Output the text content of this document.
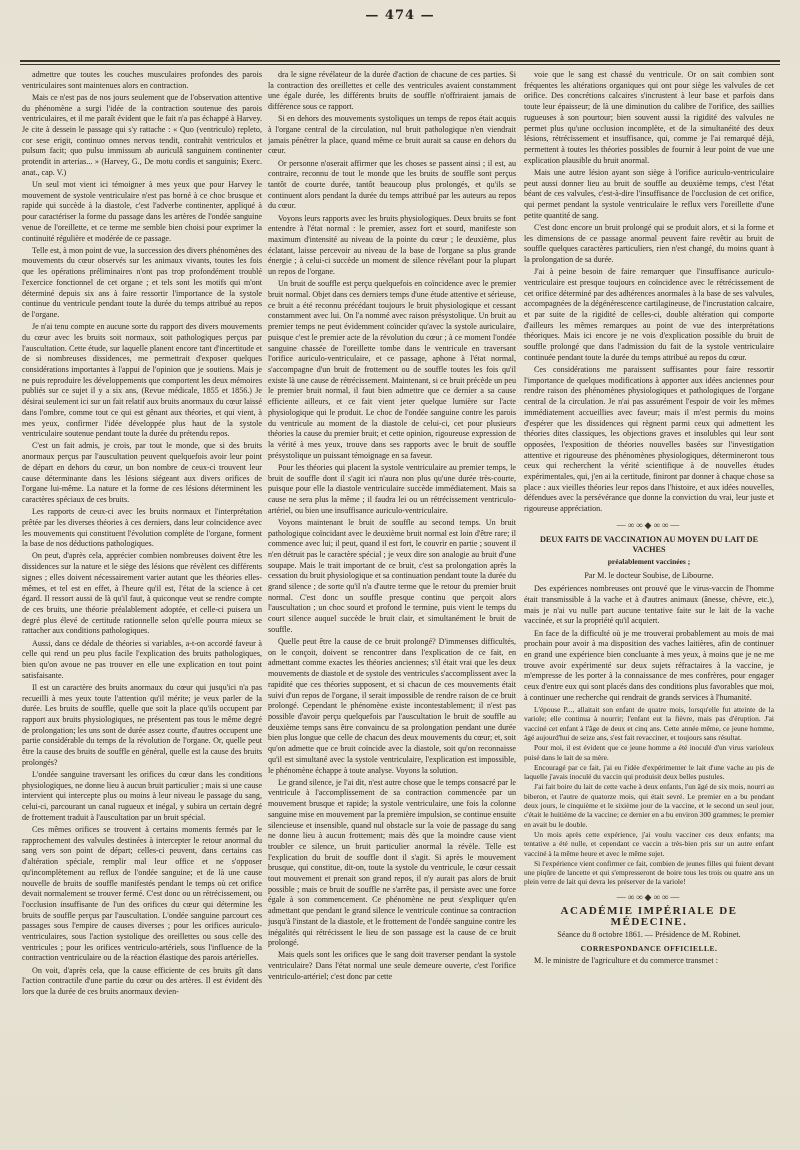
— 474 —

admettre que toutes les couches musculaires profondes des parois ventriculaires sont maintenues alors en contraction.

Mais ce n'est pas de nos jours seulement que de l'observation attentive du phénomène a surgi l'idée de la contraction soutenue des parois ventriculaires, et il me paraît évident que le fait n'a pas échappé à Harvey. Je cite à dessein le passage qui s'y rattache : « Quo (ventriculo) repleto, cor sese erigit, continuo omnes nervos tendit, contrahit ventriculos et pulsum facit; quo pulsu immissum ab auriculâ sanguinem continenter protendit in arterias... » (Harvey, G., De motu cordis et sanguinis; Exerc. anat., cap. V.)

Un seul mot vient ici témoigner à mes yeux que pour Harvey le mouvement de systole ventriculaire n'est pas borné à ce choc brusque et rapide qui succède à la diastole, c'est l'adverbe continenter, appliqué à pour caractériser la forme du passage dans les artères de l'ondée sanguine venue de l'oreillette, et ce terme me semble bien choisi pour exprimer la continuité régulière et modérée de ce passage.

Telle est, à mon point de vue, la succession des divers phénomènes des mouvements du cœur observés sur les animaux vivants, toutes les fois que les opérations préliminaires n'ont pas trop profondément troublé l'exercice fonctionnel de cet organe ; et tels sont les motifs qui m'ont déterminé depuis six ans à faire ressortir l'importance de la systole continue du ventricule pendant toute la durée du temps attribué au repos de l'organe.

Je n'ai tenu compte en aucune sorte du rapport des divers mouvements du cœur avec les bruits soit normaux, soit pathologiques perçus par l'auscultation. Cette étude, sur laquelle planent encore tant d'incertitude et de si nombreuses dissidences, me permettrait d'exposer quelques considérations importantes à l'appui de l'opinion que je soutiens. Mais je ne puis reproduire les développements que comportent les deux mémoires publiés sur ce sujet il y a six ans, (Revue médicale, 1855 et 1856.) Je désirai seulement ici sur un fait relatif aux bruits anormaux du cœur laissé dans l'ombre, comme tout ce qui est gênant aux théories, et qui vient, à mes yeux, confirmer l'idée développée plus haut de la systole ventriculaire soutenue pendant toute la durée du prétendu repos.

C'est un fait admis, je crois, par tout le monde, que si des bruits anormaux perçus par l'auscultation peuvent quelquefois avoir leur point de départ en dehors du cœur, un bon nombre de ceux-ci trouvent leur cause déterminante dans les lésions siégeant aux divers orifices de l'organe lui-même. La nature et la forme de ces lésions déterminent les caractères spéciaux de ces bruits.

Les rapports de ceux-ci avec les bruits normaux et l'interprétation prêtée par les diverses théories à ces derniers, dans leur coïncidence avec les mouvements qui constituent l'évolution complète de l'organe, forment la base de nos déductions pathologiques.

On peut, d'après cela, apprécier combien nombreuses doivent être les dissidences sur la nature et le siège des lésions que révèlent ces différents signes ; elles doivent nécessairement varier autant que les théories elles-mêmes, et tel est en effet, à l'heure qu'il est, l'état de la science à cet égard. Il ressort aussi de là qu'il faut, à quiconque veut se rendre compte de ces bruits, une théorie préalablement adoptée, et celle-ci puisera un degré plus élevé de certitude rationnelle selon qu'elle pourra mieux se rattacher aux conditions pathologiques.

Aussi, dans ce dédale de théories si variables, a-t-on accordé faveur à celle qui rend un peu plus facile l'explication des bruits pathologiques, bien qu'on avoue ne pas trouver en elle une explication en tout point satisfaisante.

Il est un caractère des bruits anormaux du cœur qui jusqu'ici n'a pas recueilli à mes yeux toute l'attention qu'il mérite; je veux parler de la durée. Les bruits de souffle, quelle que soit la place qu'ils occupent par rapport aux bruits physiologiques, ne présentent pas tous le même degré de prolongation; les uns sont de durée assez courte, d'autres occupent une partie considérable du temps de la révolution de l'organe. Or, quelle peut être la cause des bruits de souffle en général, quelle est la cause des bruits prolongés?

L'ondée sanguine traversant les orifices du cœur dans les conditions physiologiques, ne donne lieu à aucun bruit particulier ; mais si une cause intervient qui intercepte plus ou moins à leur niveau le passage du sang, celui-ci, parcourant un canal rugueux et inégal, y subira un certain degré de frottement traduit à l'auscultation par un bruit spécial.

Ces mêmes orifices se trouvent à certains moments fermés par le rapprochement des valvules destinées à intercepter le retour anormal du sang vers son point de départ; celles-ci peuvent, dans certains cas d'altération spéciale, remplir mal leur office et ne s'opposer qu'incomplètement au reflux de l'ondée sanguine; et de là une cause nouvelle de bruits de souffle manifestés pendant le temps où cet orifice devait normalement se trouver fermé. C'est donc ou un rétrécissement, ou l'occlusion insuffisante de l'un des orifices du cœur qui détermine les bruits de souffle perçus par l'auscultation. L'ondée sanguine parcourt ces passages sous l'empire de causes diverses ; pour les orifices auriculo-ventriculaires, sous l'action systolique des oreillettes ou sous celle des ventricules ; pour les orifices ventriculo-artériels, sous l'influence de la contraction ventriculaire ou de la réaction élastique des parois artérielles.

On voit, d'après cela, que la cause efficiente de ces bruits gît dans l'action contractile d'une partie du cœur ou des artères. Il est évident dès lors que la durée de ces bruits anormaux devien-

dra le signe révélateur de la durée d'action de chacune de ces parties. Si la contraction des oreillettes et celle des ventricules avaient constamment une égale durée, les différents bruits de souffle n'offriraient jamais de différence sous ce rapport.

Si en dehors des mouvements systoliques un temps de repos était acquis à l'organe central de la circulation, nul bruit pathologique n'en viendrait jamais pénétrer la place, quand même ce bruit aurait sa cause en dehors du cœur.

Or personne n'oserait affirmer que les choses se passent ainsi ; il est, au contraire, reconnu de tout le monde que les bruits de souffle sont perçus tantôt de courte durée, tantôt beaucoup plus prolongés, et qu'ils se continuent alors pendant la durée du temps attribué par les auteurs au repos du cœur.

Voyons leurs rapports avec les bruits physiologiques. Deux bruits se font entendre à l'état normal : le premier, assez fort et sourd, manifeste son maximum d'intensité au niveau de la pointe du cœur ; le deuxième, plus éclatant, laisse percevoir au niveau de la base de l'organe sa plus grande énergie ; à celui-ci succède un moment de silence révélant pour la plupart un repos de l'organe.

Un bruit de souffle est perçu quelquefois en coïncidence avec le premier bruit normal. Objet dans ces derniers temps d'une étude attentive et sérieuse, ce bruit a été reconnu précédant toujours le bruit physiologique et cessant constamment avec lui. On l'a nommé avec raison présystolique. Un bruit au premier temps ne peut évidemment coïncider qu'avec la systole auriculaire, puisque c'est le premier acte de la révolution du cœur ; à ce moment l'ondée sanguine chassée de l'oreillette tombe dans le ventricule en traversant l'orifice auriculo-ventriculaire, et ce passage, aphone à l'état normal, s'accompagne d'un bruit de frottement ou de souffle toutes les fois qu'il existe là une cause de rétrécissement. Maintenant, si ce bruit précède un peu le premier bruit normal, il faut bien admettre que ce dernier a sa cause efficiente ailleurs, et ce fait vient jeter quelque lumière sur l'acte physiologique qui le produit. Le choc de l'ondée sanguine contre les parois du ventricule au moment de la diastole de celui-ci, cet pour plusieurs théories la cause du premier bruit; et cette opinion, rigoureuse expression de la vérité à mes yeux, trouve dans ses rapports avec le bruit de souffle présystolique un puissant témoignage en sa faveur.

Pour les théories qui placent la systole ventriculaire au premier temps, le bruit de souffle dont il s'agit ici n'aura non plus qu'une durée très-courte, puisque pour elle la diastole ventriculaire succède immédiatement. Mais sa cause ne sera plus la même ; il faudra lei ou un rétrécissement ventriculo-artériel, ou bien une insuffisance auriculo-ventriculaire.

Voyons maintenant le bruit de souffle au second temps. Un bruit pathologique coïncidant avec le deuxième bruit normal est loin d'être rare; il commence avec lui; il peut, quand il est fort, le couvrir en partie ; souvent il n'en détruit pas le caractère spécial ; je veux dire son analogie au bruit d'une soupape. Mais le trait important de ce bruit, c'est sa prolongation après la cessation du bruit physiologique et sa continuation pendant toute la durée du grand silence ; de sorte qu'il n'a d'autre terme que le retour du premier bruit normal. C'est donc un souffle presque continu que perçoit alors l'auscultation ; un choc sourd et profond le termine, puis vient le temps du court silence auquel succède le bruit clair, et simultanément le bruit de souffle.

Quelle peut être la cause de ce bruit prolongé? D'immenses difficultés, on le conçoit, doivent se rencontrer dans l'explication de ce fait, en admettant comme exactes les théories anciennes; s'il était vrai que les deux mouvements de diastole et de systole des ventricules s'accomplissent avec la rapidité que ces théories supposent, et si chacun de ces mouvements était suivi d'un repos de l'organe, il serait impossible de rendre raison de ce bruit prolongé. Cependant le phénomène existe incontestablement; il n'est pas possible d'avoir perçu quelquefois par l'auscultation le bruit de souffle au deuxième temps sans être convaincu de sa prolongation pendant une durée bien plus longue que celle de chacun des deux mouvements du cœur; et, soit qu'on admette que ce bruit coïncide avec la diastole, soit qu'on reconnaisse qu'il est simultané avec la systole ventriculaire, l'explication est impossible, le phénomène échappe à toute analyse. Voyons la solution.

Le grand silence, je l'ai dit, n'est autre chose que le temps consacré par le ventricule à l'accomplissement de sa contraction commencée par un mouvement brusque et rapide; la systole ventriculaire, une fois la colonne sanguine mise en mouvement par la première impulsion, se continue ensuite silencieuse et insensible, quand nul obstacle sur la voie de passage du sang ne donne lieu à aucun frottement; mais dès que la moindre cause vient troubler ce silence, un bruit particulier anormal la révèle. Telle est l'explication du bruit de souffle dont il s'agit. Si après le mouvement brusque, qui constitue, dit-on, toute la systole du ventricule, le cœur cessait tout mouvement et prenait son grand repos, il n'y aurait pas alors de bruit possible ; mais ce bruit de souffle ne s'arrête pas, il persiste avec une force égale à son commencement. Ce phénomène ne peut s'expliquer qu'en admettant que pendant le grand silence le ventricule continue sa contraction jusqu'à l'instant de la diastole, et le frottement de l'ondée sanguine contre les inégalités qui rétrécissent le lieu de son passage est la cause de ce bruit prolongé.

Mais quels sont les orifices que le sang doit traverser pendant la systole ventriculaire? Dans l'état normal une seule demeure ouverte, c'est l'orifice ventriculo-artériel; c'est donc par cette

voie que le sang est chassé du ventricule. Or on sait combien sont fréquentes les altérations organiques qui ont pour siège les valvules de cet orifice. Des concrétions calcaires s'incrustent à leur base et parfois dans toute leur épaisseur; de là une diminution du calibre de l'orifice, des saillies rugueuses à son pourtour; bien souvent aussi la rigidité des valvules ne permet plus qu'une occlusion incomplète, et de la simultanéité des deux lésions, rétrécissement et insuffisance, qui, comme je l'ai remarqué déjà, permettent à toutes les théories possibles de fournir à leur point de vue une explication plausible du bruit anormal.

Mais une autre lésion ayant son siège à l'orifice auriculo-ventriculaire peut aussi donner lieu au bruit de souffle au deuxième temps, c'est l'état béant de ces valvules, c'est-à-dire l'insuffisance de l'occlusion de cet orifice, qui permet pendant la systole ventriculaire le reflux vers l'oreillette d'une petite quantité de sang.

C'est donc encore un bruit prolongé qui se produit alors, et si la forme et les dimensions de ce passage anormal peuvent faire revêtir au bruit de souffle quelques caractères particuliers, rien n'est changé, du moins quant à la prolongation de sa durée.

J'ai à peine besoin de faire remarquer que l'insuffisance auriculo-ventriculaire est presque toujours en coïncidence avec le rétrécissement de cet orifice déterminé par des adhérences anormales à la base de ses valvules, accompagnées de la dégénérescence cartilagineuse, de l'incrustation calcaire, et par suite de la rigidité de celles-ci, double altération qui comporte d'ailleurs les mêmes remarques au point de vue des interprétations théoriques. Mais ici encore je ne vois d'explication possible du bruit de souffle prolongé que dans l'admission du fait de la systole ventriculaire continuée pendant toute la durée du temps attribué au repos du cœur.

Ces considérations me paraissent suffisantes pour faire ressortir l'importance de quelques modifications à apporter aux idées anciennes pour rendre raison des phénomènes physiologiques et pathologiques de l'organe central de la circulation. Je n'ai pas assurément l'espoir de voir les mêmes immédiatement accueillies avec faveur; mais il m'est permis du moins d'espérer que les dissidences qui règnent parmi ceux qui admettent les théories dites classiques, les objections graves et insolubles qui leur sont opposées, l'exposition de théories nouvelles basées sur l'investigation attentive et rigoureuse des phénomènes physiologiques, détermineront tous ceux qui recherchent la vérité scientifique à de nouvelles études expérimentales, qui, j'en ai la certitude, finiront par donner à chaque chose sa place : aux vieilles théories leur repos dans l'histoire, et aux idées nouvelles, défendues avec la persévérance que donne la conviction du vrai, leur juste et rigoureuse appréciation.

—∞∞◆∞∞—
DEUX FAITS DE VACCINATION AU MOYEN DU LAIT DE VACHES
préalablement vaccinées ;
Par M. le docteur Soubise, de Libourne.

Des expériences nombreuses ont prouvé que le virus-vaccin de l'homme était transmissible à la vache et à d'autres animaux (ânesse, chèvre, etc.), mais je n'ai vu nulle part aucune tentative faite sur le lait de la vache vaccinée, et sur la propriété qu'il acquiert.

En face de la difficulté où je me trouverai probablement au mois de mai prochain pour avoir à ma disposition des vaches laitières, afin de continuer en grand une expérience bien concluante à mes yeux, à moins que je ne me trouve avoir expérimenté sur deux sujets réfractaires à la vaccine, je m'empresse de les porter à la connaissance de mes confrères, pour engager ceux d'entre eux qui sont placés dans des conditions plus favorables que moi, à continuer une recherche qui rendrait de grands services à l'humanité.

L'épouse P..., allaitait son enfant de quatre mois, lorsqu'elle fut atteinte de la variole; elle continua à nourrir; l'enfant eut la fièvre, mais pas d'éruption. J'ai vacciné cet enfant à l'âge de deux et cinq ans. Cette année même, ce jeune homme, âgé aujourd'hui de seize ans, s'est fait revacciner, et toujours sans résultat.

Pour moi, il est évident que ce jeune homme a été inoculé d'un virus varioleux puisé dans le lait de sa mère.

Encouragé par ce fait, j'ai eu l'idée d'expérimenter le lait d'une vache au pis de laquelle j'avais inoculé du vaccin qui produisit deux belles pustules.

J'ai fait boire du lait de cette vache à deux enfants, l'un âgé de six mois, nourri au biberon, et l'autre de quatorze mois, qui était sevré. Le premier en a bu pendant deux jours, le cinquième et le sixième jour de la vaccine, et le second un seul jour, c'était le huitième de la vaccine; ce dernier en a bu environ 300 grammes; le premier en avait bu le double.

Un mois après cette expérience, j'ai voulu vacciner ces deux enfants; ma tentative a été nulle, et cependant ce vaccin a très-bien pris sur un autre enfant vacciné à la même heure et avec le même sujet.

Si l'expérience vient confirmer ce fait, combien de jeunes filles qui fuient devant une piqûre de lancette et qui s'empresseront de boire tous les trois ou quatre ans un plein verre de lait qui devra les préserver de la variole!

—∞∞◆∞∞—
ACADÉMIE IMPÉRIALE DE MÉDECINE.
Séance du 8 octobre 1861. — Présidence de M. Robinet.
CORRESPONDANCE OFFICIELLE.

M. le ministre de l'agriculture et du commerce transmet :
